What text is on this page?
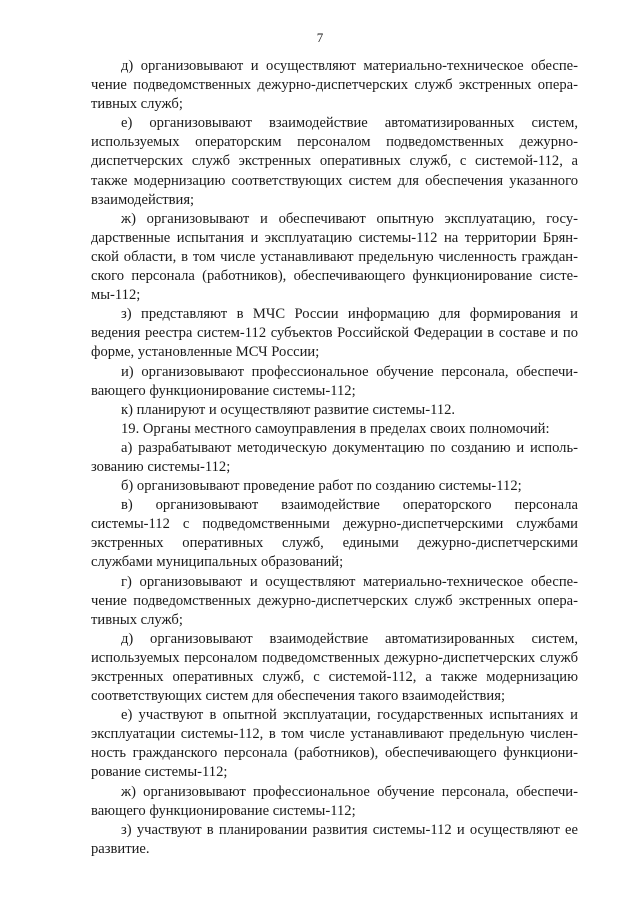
7

д) организовывают и осуществляют материально-техническое обеспечение подведомственных дежурно-диспетчерских служб экстренных оперативных служб;

е) организовывают взаимодействие автоматизированных систем, используемых операторским персоналом подведомственных дежурно-диспетчерских служб экстренных оперативных служб, с системой-112, а также модернизацию соответствующих систем для обеспечения указанного взаимодействия;

ж) организовывают и обеспечивают опытную эксплуатацию, государственные испытания и эксплуатацию системы-112 на территории Брянской области, в том числе устанавливают предельную численность гражданского персонала (работников), обеспечивающего функционирование системы-112;

з) представляют в МЧС России информацию для формирования и ведения реестра систем-112 субъектов Российской Федерации в составе и по форме, установленные МСЧ России;

и) организовывают профессиональное обучение персонала, обеспечивающего функционирование системы-112;

к) планируют и осуществляют развитие системы-112.

19. Органы местного самоуправления в пределах своих полномочий:

а) разрабатывают методическую документацию по созданию и использованию системы-112;

б) организовывают проведение работ по созданию системы-112;

в) организовывают взаимодействие операторского персонала системы-112 с подведомственными дежурно-диспетчерскими службами экстренных оперативных служб, едиными дежурно-диспетчерскими службами муниципальных образований;

г) организовывают и осуществляют материально-техническое обеспечение подведомственных дежурно-диспетчерских служб экстренных оперативных служб;

д) организовывают взаимодействие автоматизированных систем, используемых персоналом подведомственных дежурно-диспетчерских служб экстренных оперативных служб, с системой-112, а также модернизацию соответствующих систем для обеспечения такого взаимодействия;

е) участвуют в опытной эксплуатации, государственных испытаниях и эксплуатации системы-112, в том числе устанавливают предельную численность гражданского персонала (работников), обеспечивающего функционирование системы-112;

ж) организовывают профессиональное обучение персонала, обеспечивающего функционирование системы-112;

з) участвуют в планировании развития системы-112 и осуществляют ее развитие.
